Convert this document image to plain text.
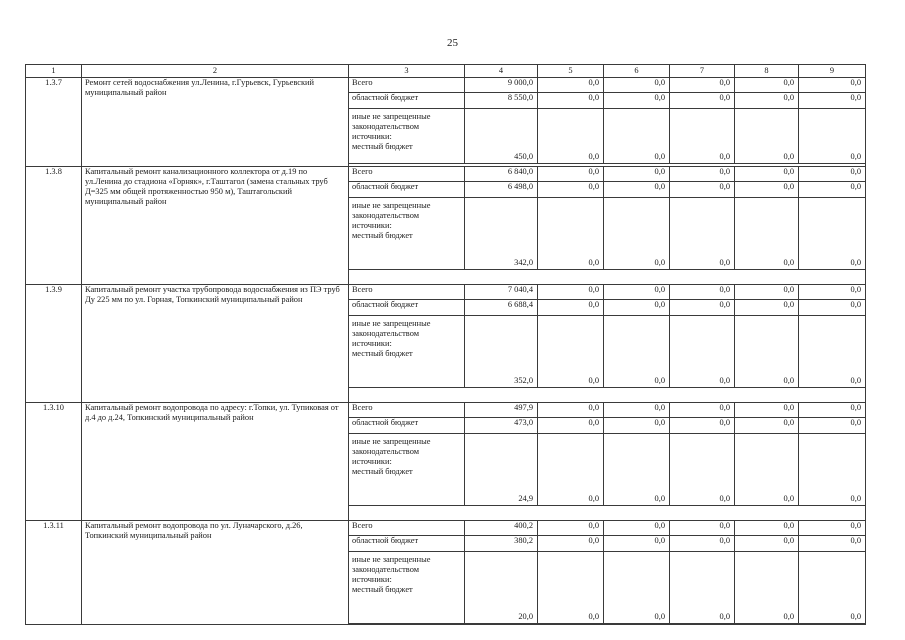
25
1	2	3	4	5	6	7	8	9
1.3.7	Ремонт сетей водоснабжения ул.Ленина, г.Гурьевск, Гурьевский муниципальный район	Всего	9 000,0	0,0	0,0	0,0	0,0	0,0
		областной бюджет	8 550,0	0,0	0,0	0,0	0,0	0,0
		иные не запрещенные
законодательством
источники:
местный бюджет	450,0	0,0	0,0	0,0	0,0	0,0

1.3.8	Капитальный ремонт канализационного коллектора от д.19 по ул.Ленина до стадиона «Горняк», г.Таштагол (замена стальных труб Д=325 мм общей протяженностью 950 м), Таштагольский муниципальный район	Всего	6 840,0	0,0	0,0	0,0	0,0	0,0
		областной бюджет	6 498,0	0,0	0,0	0,0	0,0	0,0
		иные не запрещенные
законодательством
источники:
местный бюджет	342,0	0,0	0,0	0,0	0,0	0,0

1.3.9	Капитальный ремонт участка трубопровода водоснабжения из ПЭ труб Ду 225 мм по ул. Горная, Топкинский муниципальный район	Всего	7 040,4	0,0	0,0	0,0	0,0	0,0
		областной бюджет	6 688,4	0,0	0,0	0,0	0,0	0,0
		иные не запрещенные
законодательством
источники:
местный бюджет	352,0	0,0	0,0	0,0	0,0	0,0

1.3.10	Капитальный ремонт водопровода по адресу: г.Топки, ул. Тупиковая от д.4 до д.24, Топкинский муниципальный район	Всего	497,9	0,0	0,0	0,0	0,0	0,0
		областной бюджет	473,0	0,0	0,0	0,0	0,0	0,0
		иные не запрещенные
законодательством
источники:
местный бюджет	24,9	0,0	0,0	0,0	0,0	0,0

1.3.11	Капитальный ремонт водопровода по ул. Луначарского, д.26, Топкинский муниципальный район	Всего	400,2	0,0	0,0	0,0	0,0	0,0
		областной бюджет	380,2	0,0	0,0	0,0	0,0	0,0
		иные не запрещенные
законодательством
источники:
местный бюджет	20,0	0,0	0,0	0,0	0,0	0,0
